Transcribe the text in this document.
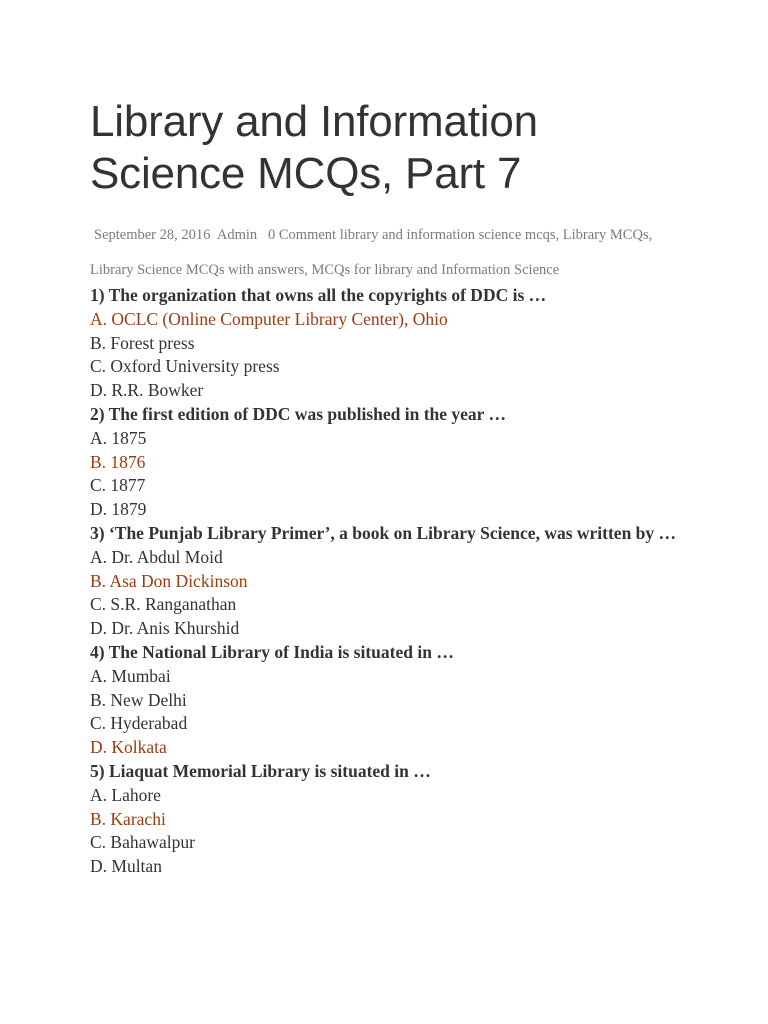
Library and Information
Science MCQs, Part 7
September 28, 2016 Admin 0 Comment library and information science mcqs, Library MCQs, Library Science MCQs with answers, MCQs for library and Information Science
1) The organization that owns all the copyrights of DDC is …
A. OCLC (Online Computer Library Center), Ohio
B. Forest press
C. Oxford University press
D. R.R. Bowker
2) The first edition of DDC was published in the year …
A. 1875
B. 1876
C. 1877
D. 1879
3) ‘The Punjab Library Primer’, a book on Library Science, was written by …
A. Dr. Abdul Moid
B. Asa Don Dickinson
C. S.R. Ranganathan
D. Dr. Anis Khurshid
4) The National Library of India is situated in …
A. Mumbai
B. New Delhi
C. Hyderabad
D. Kolkata
5) Liaquat Memorial Library is situated in …
A. Lahore
B. Karachi
C. Bahawalpur
D. Multan
